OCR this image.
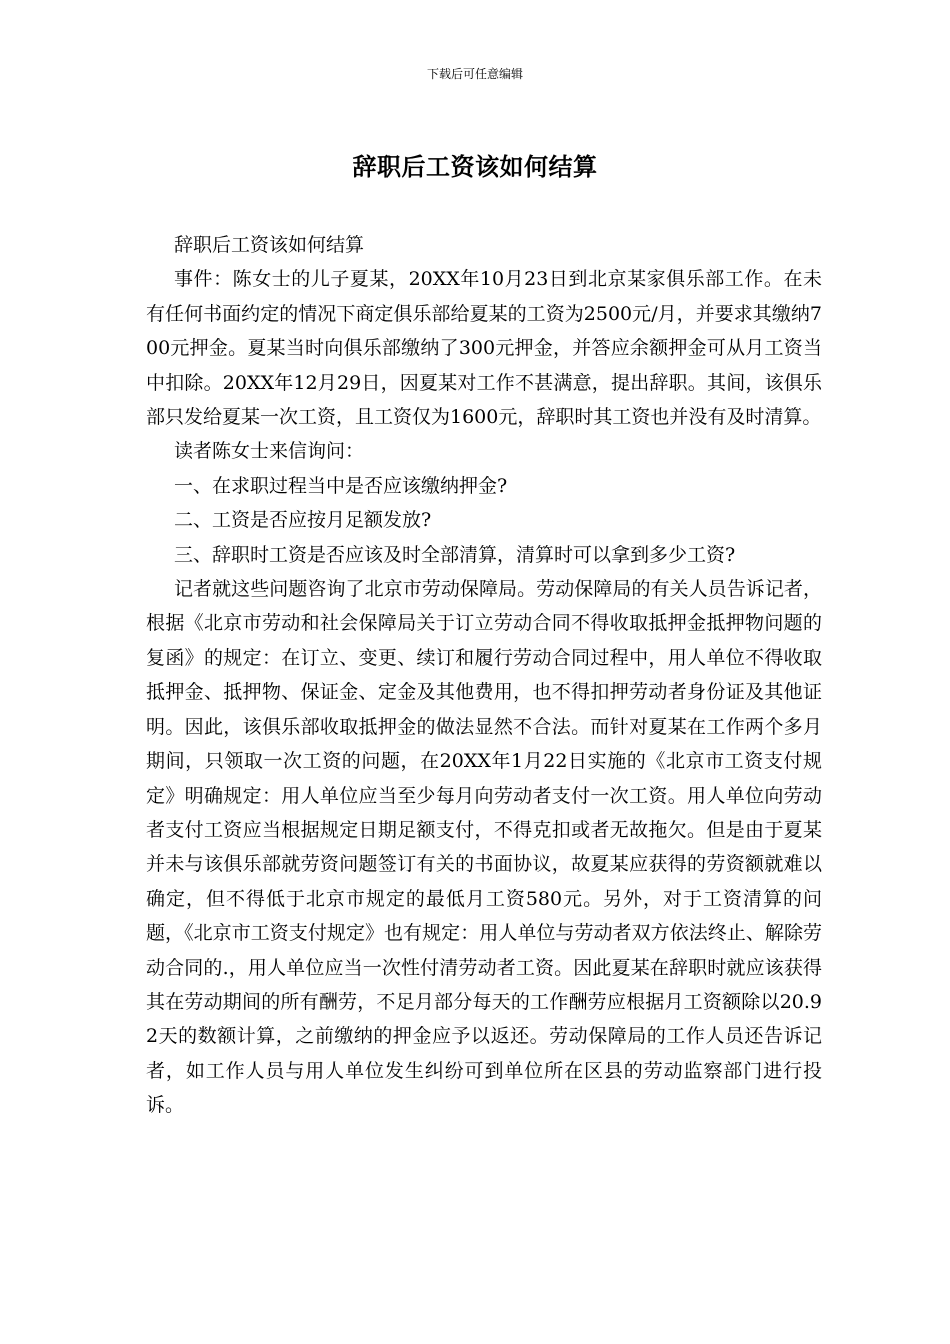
下载后可任意编辑
辞职后工资该如何结算

辞职后工资该如何结算

事件：陈女士的儿子夏某，20XX年10月23日到北京某家俱乐部工作。在未有任何书面约定的情况下商定俱乐部给夏某的工资为2500元/月，并要求其缴纳700元押金。夏某当时向俱乐部缴纳了300元押金，并答应余额押金可从月工资当中扣除。20XX年12月29日，因夏某对工作不甚满意，提出辞职。其间，该俱乐部只发给夏某一次工资，且工资仅为1600元，辞职时其工资也并没有及时清算。

读者陈女士来信询问：

一、在求职过程当中是否应该缴纳押金?

二、工资是否应按月足额发放?

三、辞职时工资是否应该及时全部清算，清算时可以拿到多少工资?

记者就这些问题咨询了北京市劳动保障局。劳动保障局的有关人员告诉记者，根据《北京市劳动和社会保障局关于订立劳动合同不得收取抵押金抵押物问题的复函》的规定：在订立、变更、续订和履行劳动合同过程中，用人单位不得收取抵押金、抵押物、保证金、定金及其他费用，也不得扣押劳动者身份证及其他证明。因此，该俱乐部收取抵押金的做法显然不合法。而针对夏某在工作两个多月期间，只领取一次工资的问题，在20XX年1月22日实施的《北京市工资支付规定》明确规定：用人单位应当至少每月向劳动者支付一次工资。用人单位向劳动者支付工资应当根据规定日期足额支付，不得克扣或者无故拖欠。但是由于夏某并未与该俱乐部就劳资问题签订有关的书面协议，故夏某应获得的劳资额就难以确定，但不得低于北京市规定的最低月工资580元。另外，对于工资清算的问题，《北京市工资支付规定》也有规定：用人单位与劳动者双方依法终止、解除劳动合同的.，用人单位应当一次性付清劳动者工资。因此夏某在辞职时就应该获得其在劳动期间的所有酬劳，不足月部分每天的工作酬劳应根据月工资额除以20.92天的数额计算，之前缴纳的押金应予以返还。劳动保障局的工作人员还告诉记者，如工作人员与用人单位发生纠纷可到单位所在区县的劳动监察部门进行投诉。
